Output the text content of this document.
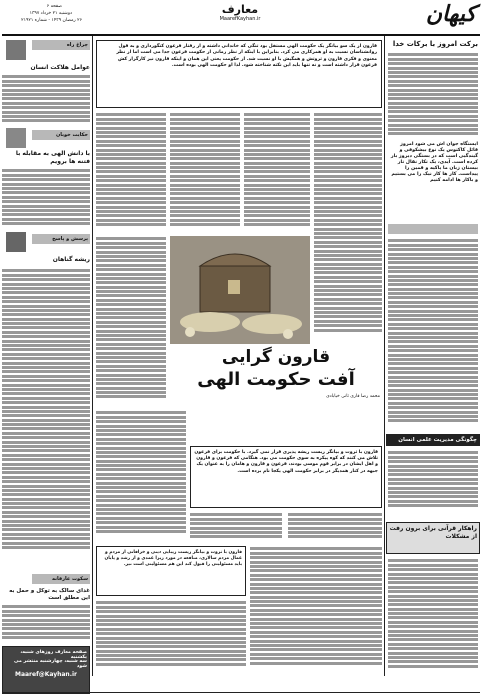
کیهان
معارف
MaarefKayhan.ir
صفحه ۶
دوشنبه ۲۱ خرداد ۱۳۹۷
۲۶ رمضان ۱۴۳۹ - شماره ۲۱۹۲۱
برکت امروز با برکات خدا
ایستگاه جوان اش می شود امروز قائل کاکتوس یک نوع بیشکوفی و گیندگیی است که در بستگی دیروز بار کرده است. آیدی، یک تکار نقال تار بیستان زبان ما یاکیه و قمین را پیداست. کار ها کار نیک را می بستیم و باکار ها ادامه کنیم
چگونگی مدیریت علمی انسان
راهکار قرآنی برای برون رفت از مشکلات
چراغ راه
عوامل هلاکت انسان
حکایت خوبان
با دانش الهی به مقابله با فتنه ها برویم
پرسش و پاسخ
ریشه گناهان
سکوت عارفانه
غذای سالک به توکل و حمل به این مطلق است
صفحه معارف روزهای شنبه، یکشنبه
سه شنبه، چهارشنبه منتشر می شود
Maaref@Kayhan.ir
قارون از یک سو بیانگر یک حکومت الهی مستقل بود تنگی که خاندانی داشته و از رفتار فرعون کنگوردازی و به قول روانشناسان نسبت به او همرکاری می کرد. بنابراین با اینکه از نظر زمانی از حکومت فرعون جدا می است اما از نظر معنوی و فکری قارون و ثروتش و همگیش با او نسبت شد. از حکومت یعنی این همان و اینکه قارون نیز کارگزار کش فرعون قرار داشته است و نه تنها باید این نکته شناخته شود. لذا او حکومت الهی بوده است.
قارون گرایی
آفت حکومت الهی
محمد رضا قاری ثانی خیابادی
قارون با ثروت و بیانگر زیست ریشه پذیری قرار نمی گیرد. با حکومت برای فرعون تلاش می کنند که کوه پیکره به سوی حکومت می بود. هنگامی که فرعون و قارون و اهل ایشان در برابر قوم موسی بودند، فرعون و قارون و هامان را به عنوان یک جبهه در کنار همدیگر در برابر حکومت الهی یکجا نام برده است.
قارون با ثروت و بیانگر زیست زیبایی دینی و خرافاتی از مردم و عمال مردم سالاری، منافعه در مورد زیرا عمدی و از رشد و پایان باید مسئولیتی را قبول کند این هم مسئولیتی است نیز.
